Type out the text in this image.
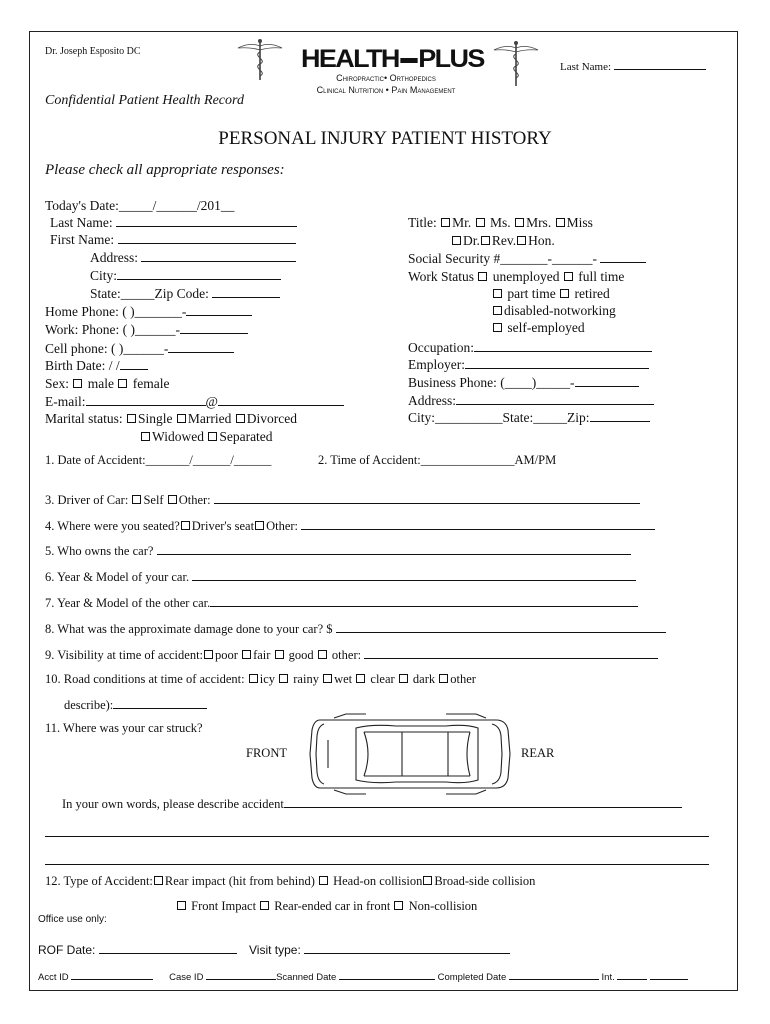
Dr. Joseph Esposito DC	HEALTH PLUS
Chiropractic• Orthopedics
Clinical Nutrition • Pain Management
Last Name:
Confidential Patient Health Record
PERSONAL INJURY PATIENT HISTORY
Please check all appropriate responses:
Today's Date:_____/______/201__
Last Name:
First Name:
Address:
City:
State:_____Zip Code:
Home Phone: ( )_______-
Work: Phone: ( )______-
Cell phone: ( )______-
Birth Date: / /
Sex: male female
E-mail:	@
Marital status: Single Married Divorced
Widowed Separated
Title: Mr. Ms. Mrs. Miss
Dr. Rev. Hon.
Social Security #_______-______-
Work Status unemployed full time
part time retired
disabled-notworking
self-employed
Occupation:
Employer:
Business Phone: (____)_____-
Address:
City:__________State:_____Zip:
1. Date of Accident:_______/______/______	2. Time of Accident:_______________AM/PM
3. Driver of Car: Self Other:
4. Where were you seated? Driver's seat Other:
5. Who owns the car?
6. Year & Model of your car.
7. Year & Model of the other car.
8. What was the approximate damage done to your car? $
9. Visibility at time of accident: poor fair good other:
10. Road conditions at time of accident: icy rainy wet clear dark other
describe):
11. Where was your car struck?
FRONT	REAR
In your own words, please describe accident
12. Type of Accident: Rear impact (hit from behind) Head-on collision Broad-side collision
Front Impact Rear-ended car in front Non-collision
Office use only:
ROF Date:	Visit type:
Acct ID	Case ID	Scanned Date	Completed Date	Int.
